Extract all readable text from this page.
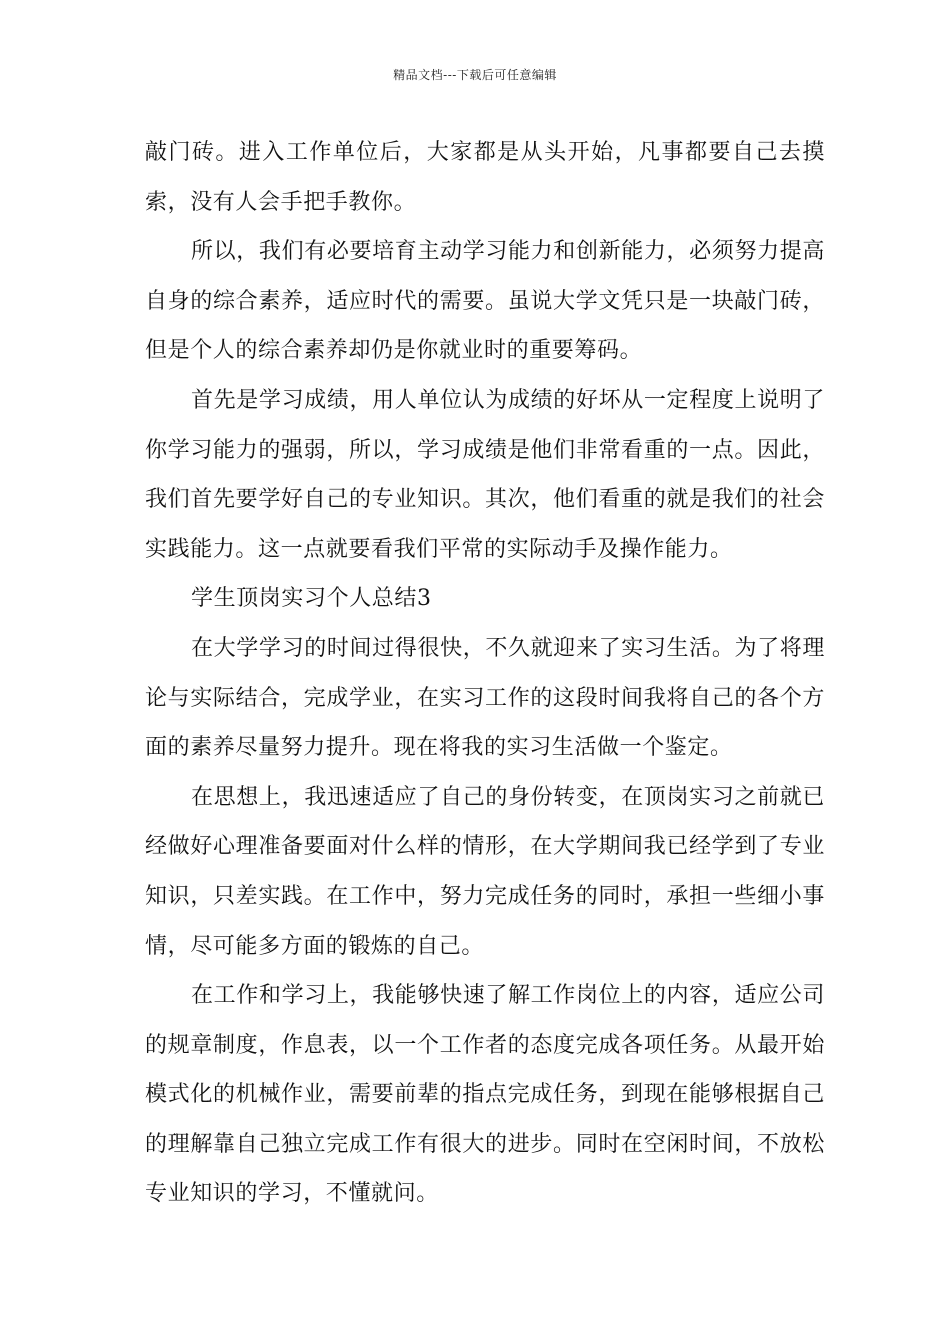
精品文档---下载后可任意编辑

敲门砖。进入工作单位后，大家都是从头开始，凡事都要自己去摸索，没有人会手把手教你。

所以，我们有必要培育主动学习能力和创新能力，必须努力提高自身的综合素养，适应时代的需要。虽说大学文凭只是一块敲门砖，但是个人的综合素养却仍是你就业时的重要筹码。

首先是学习成绩，用人单位认为成绩的好坏从一定程度上说明了你学习能力的强弱，所以，学习成绩是他们非常看重的一点。因此，我们首先要学好自己的专业知识。其次，他们看重的就是我们的社会实践能力。这一点就要看我们平常的实际动手及操作能力。

学生顶岗实习个人总结3

在大学学习的时间过得很快，不久就迎来了实习生活。为了将理论与实际结合，完成学业，在实习工作的这段时间我将自己的各个方面的素养尽量努力提升。现在将我的实习生活做一个鉴定。

在思想上，我迅速适应了自己的身份转变，在顶岗实习之前就已经做好心理准备要面对什么样的情形，在大学期间我已经学到了专业知识，只差实践。在工作中，努力完成任务的同时，承担一些细小事情，尽可能多方面的锻炼的自己。

在工作和学习上，我能够快速了解工作岗位上的内容，适应公司的规章制度，作息表，以一个工作者的态度完成各项任务。从最开始模式化的机械作业，需要前辈的指点完成任务，到现在能够根据自己的理解靠自己独立完成工作有很大的进步。同时在空闲时间，不放松专业知识的学习，不懂就问。
